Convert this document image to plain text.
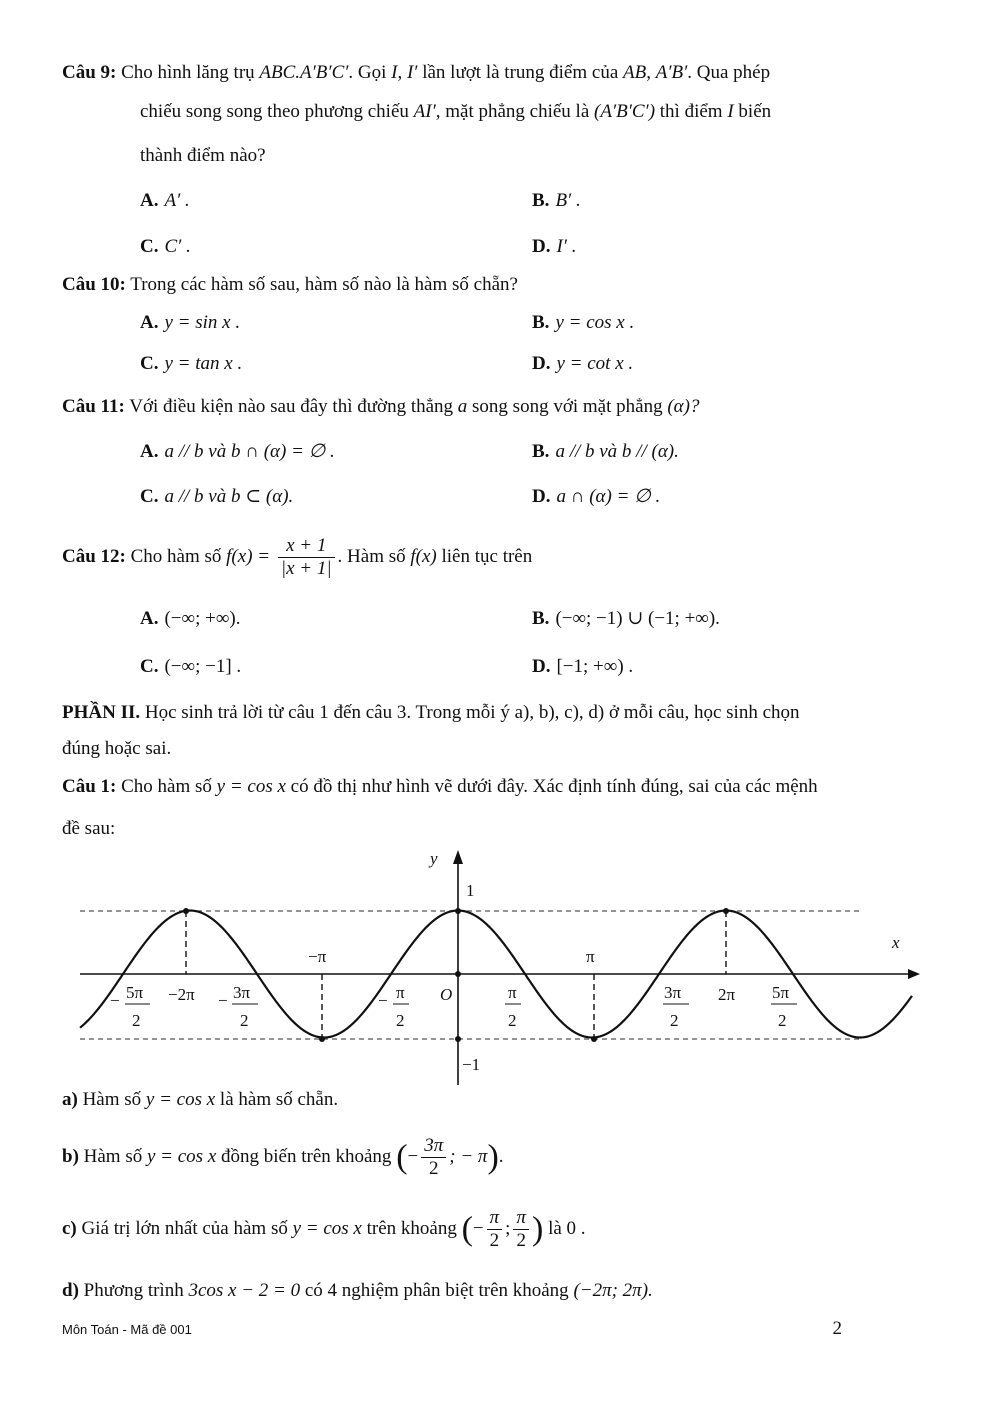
Câu 9: Cho hình lăng trụ ABC.A′B′C′. Gọi I, I′ lần lượt là trung điểm của AB, A′B′. Qua phép
chiếu song song theo phương chiếu AI′, mặt phẳng chiếu là (A′B′C′) thì điểm I biến
thành điểm nào?
A. A′ .	B. B′ .
C. C′ .	D. I′ .
Câu 10: Trong các hàm số sau, hàm số nào là hàm số chẵn?
A. y = sin x .	B. y = cos x .
C. y = tan x .	D. y = cot x .
Câu 11: Với điều kiện nào sau đây thì đường thẳng a song song với mặt phẳng (α)?
A. a // b và b ∩ (α) = ∅ .	B. a // b và b // (α).
C. a // b và b ⊂ (α).	D. a ∩ (α) = ∅ .
Câu 12: Cho hàm số $f(x) = \frac{x + 1}{|x + 1|}$ . Hàm số f(x) liên tục trên
A. (−∞; +∞).	B. (−∞; −1) ∪ (−1; +∞).
C. (−∞; −1] .	D. [−1; +∞) .
PHẦN II. Học sinh trả lời từ câu 1 đến câu 3. Trong mỗi ý a), b), c), d) ở mỗi câu, học sinh chọn
đúng hoặc sai.
Câu 1: Cho hàm số y = cos x có đồ thị như hình vẽ dưới đây. Xác định tính đúng, sai của các mệnh
đề sau:
y
x
1
−1
O
π
−π
−2π	2π
− 5π
2
− 3π
2
− π
2
π
2
3π
2
5π
2
a) Hàm số y = cos x là hàm số chẵn.
b) Hàm số y = cos x đồng biến trên khoảng (− $\frac{3\pi}{2}$ ; − π).
c) Giá trị lớn nhất của hàm số y = cos x trên khoảng (− $\frac{\pi}{2}$ ; $\frac{\pi}{2}$ ) là 0 .
d) Phương trình 3cos x − 2 = 0 có 4 nghiệm phân biệt trên khoảng (−2π; 2π).
Môn Toán - Mã đề 001	2
